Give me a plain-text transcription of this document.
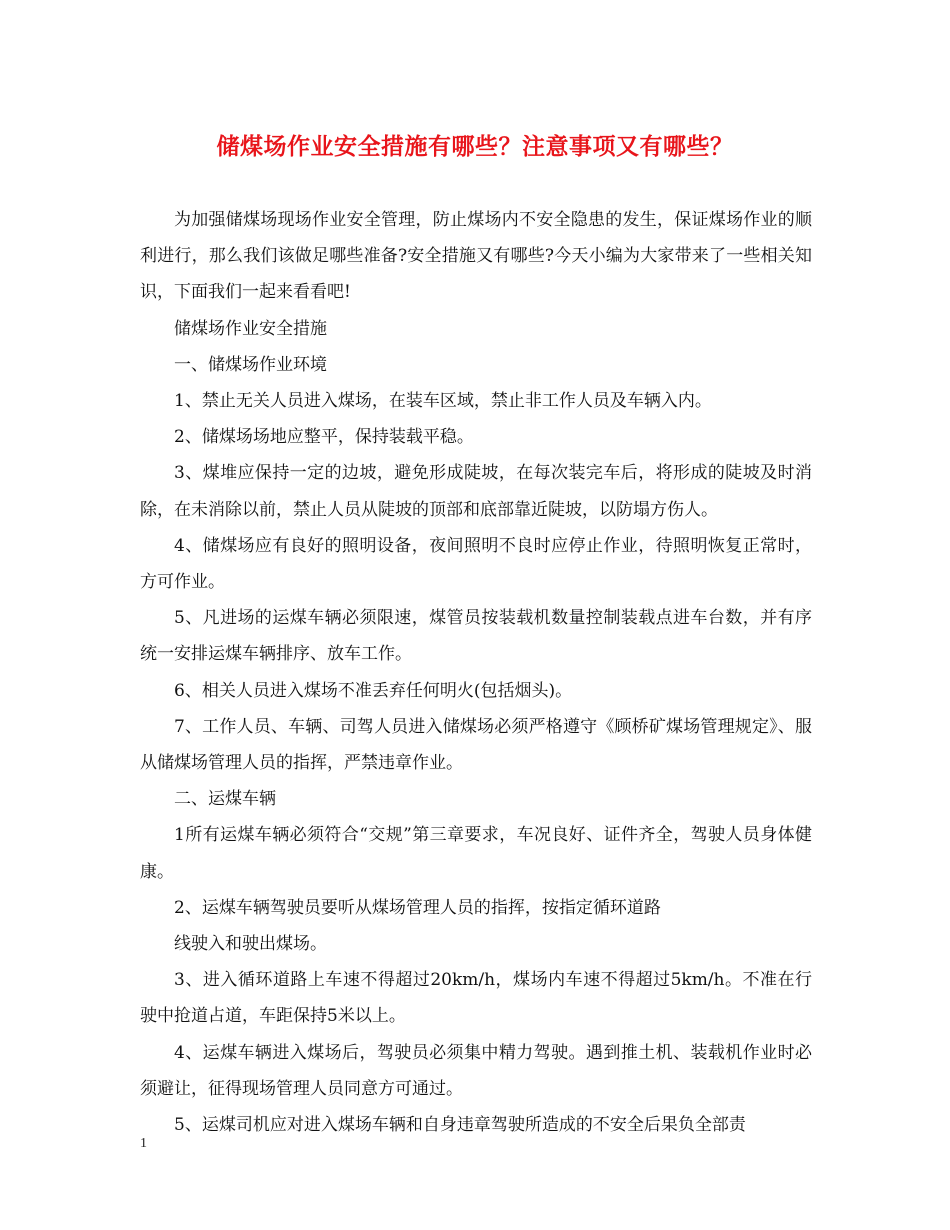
储煤场作业安全措施有哪些？注意事项又有哪些？

为加强储煤场现场作业安全管理，防止煤场内不安全隐患的发生，保证煤场作业的顺利进行，那么我们该做足哪些准备?安全措施又有哪些?今天小编为大家带来了一些相关知识，下面我们一起来看看吧!

储煤场作业安全措施

一、储煤场作业环境

1、禁止无关人员进入煤场，在装车区域，禁止非工作人员及车辆入内。

2、储煤场场地应整平，保持装载平稳。

3、煤堆应保持一定的边坡，避免形成陡坡，在每次装完车后，将形成的陡坡及时消除，在未消除以前，禁止人员从陡坡的顶部和底部靠近陡坡，以防塌方伤人。

4、储煤场应有良好的照明设备，夜间照明不良时应停止作业，待照明恢复正常时，方可作业。

5、凡进场的运煤车辆必须限速，煤管员按装载机数量控制装载点进车台数，并有序统一安排运煤车辆排序、放车工作。

6、相关人员进入煤场不准丢弃任何明火(包括烟头)。

7、工作人员、车辆、司驾人员进入储煤场必须严格遵守《顾桥矿煤场管理规定》、服从储煤场管理人员的指挥，严禁违章作业。

二、运煤车辆

1所有运煤车辆必须符合“交规”第三章要求，车况良好、证件齐全，驾驶人员身体健康。

2、运煤车辆驾驶员要听从煤场管理人员的指挥，按指定循环道路

线驶入和驶出煤场。

3、进入循环道路上车速不得超过20km/h，煤场内车速不得超过5km/h。不准在行驶中抢道占道，车距保持5米以上。

4、运煤车辆进入煤场后，驾驶员必须集中精力驾驶。遇到推土机、装载机作业时必须避让，征得现场管理人员同意方可通过。

5、运煤司机应对进入煤场车辆和自身违章驾驶所造成的不安全后果负全部责

1
